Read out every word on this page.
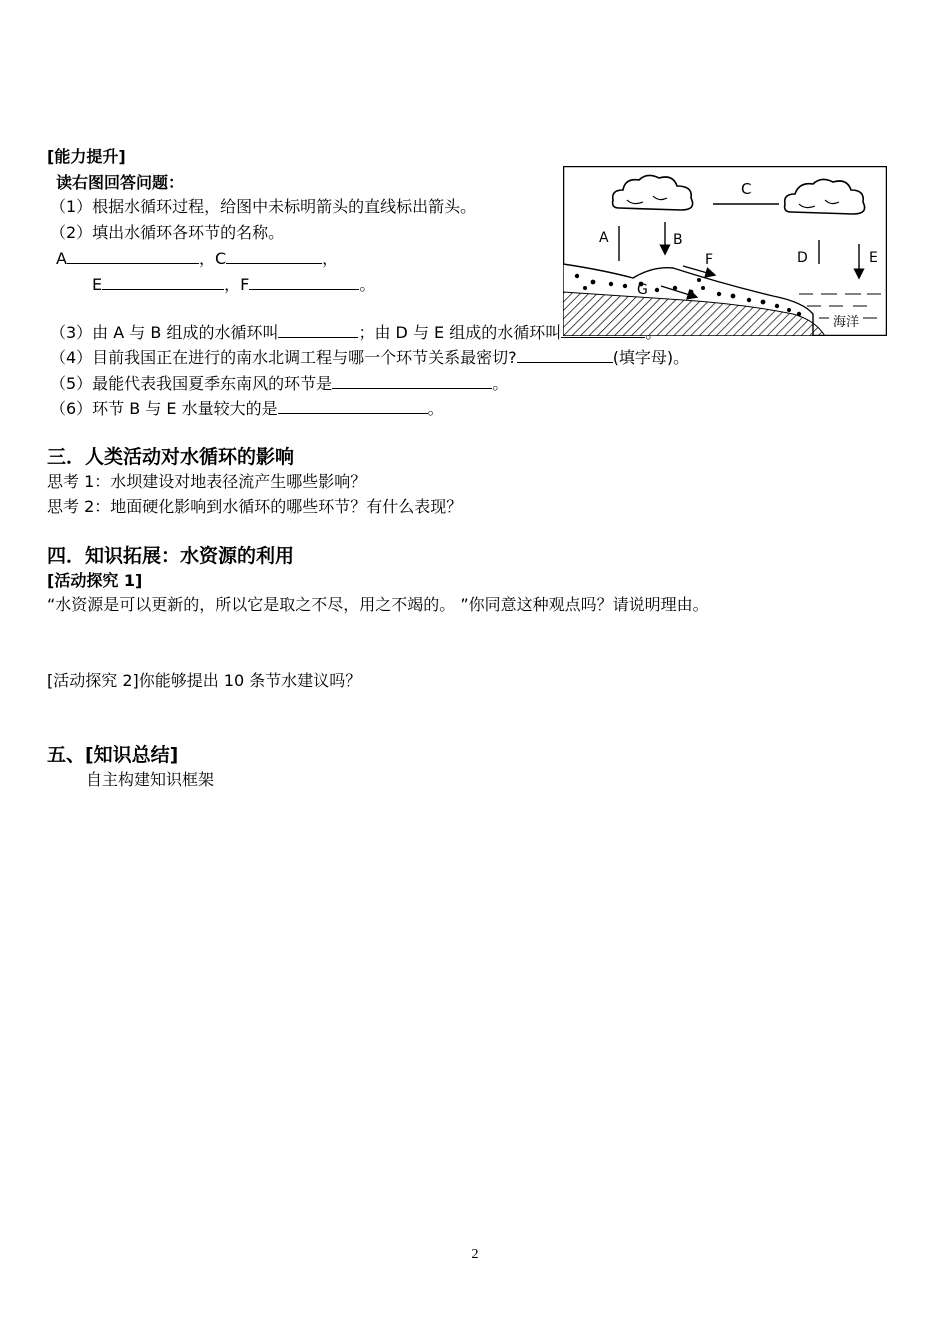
[能力提升]
读右图回答问题：
（1）根据水循环过程，给图中未标明箭头的直线标出箭头。
（2）填出水循环各环节的名称。
A	，C	，
E	，F	。
（3）由 A 与 B 组成的水循环叫	；由 D 与 E 组成的水循环叫
（4）目前我国正在进行的南水北调工程与哪一个环节关系最密切?	(填字母)。
（5）最能代表我国夏季东南风的环节是	。
（6）环节 B 与 E 水量较大的是	。
C
A	B
D	E
F
G
海洋
三．人类活动对水循环的影响
思考 1：水坝建设对地表径流产生哪些影响？
思考 2：地面硬化影响到水循环的哪些环节？有什么表现？
四．知识拓展：水资源的利用
[活动探究 1]
“水资源是可以更新的，所以它是取之不尽，用之不竭的。 ”你同意这种观点吗？请说明理由。
[活动探究 2]你能够提出 10 条节水建议吗？
五、[知识总结]
自主构建知识框架
2
